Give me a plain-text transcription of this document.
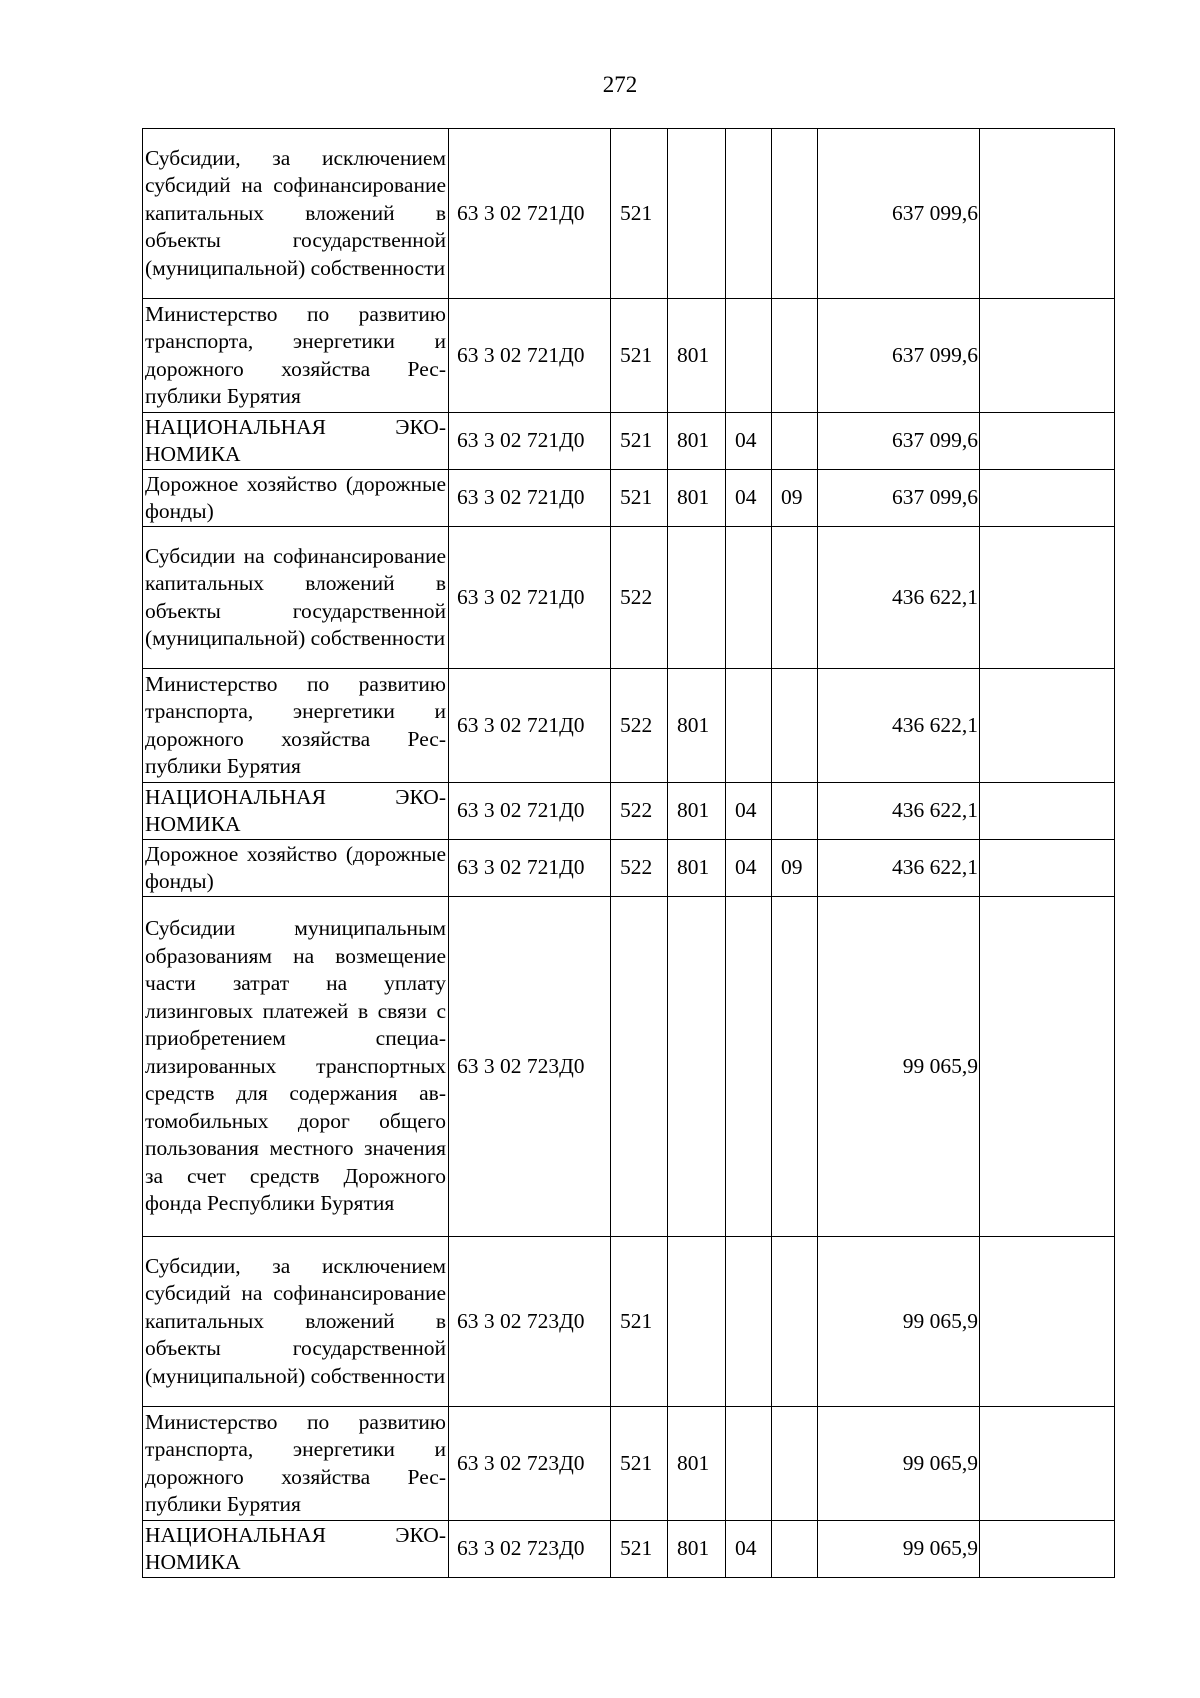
272
Субсидии, за исключением субсидий на софинансирование капитальных вложений в объекты государственной (муниципальной) собственности	63 3 02 721Д0	521				637 099,6	
Министерство по развитию транспорта, энергетики и дорожного хозяйства Республики Бурятия	63 3 02 721Д0	521	801			637 099,6	
НАЦИОНАЛЬНАЯ ЭКОНОМИКА	63 3 02 721Д0	521	801	04		637 099,6	
Дорожное хозяйство (дорожные фонды)	63 3 02 721Д0	521	801	04	09	637 099,6	
Субсидии на софинансирование капитальных вложений в объекты государственной (муниципальной) собственности	63 3 02 721Д0	522				436 622,1	
Министерство по развитию транспорта, энергетики и дорожного хозяйства Республики Бурятия	63 3 02 721Д0	522	801			436 622,1	
НАЦИОНАЛЬНАЯ ЭКОНОМИКА	63 3 02 721Д0	522	801	04		436 622,1	
Дорожное хозяйство (дорожные фонды)	63 3 02 721Д0	522	801	04	09	436 622,1	
Субсидии муниципальным образованиям на возмещение части затрат на уплату лизинговых платежей в связи с приобретением специализированных транспортных средств для содержания автомобильных дорог общего пользования местного значения за счет средств Дорожного фонда Республики Бурятия	63 3 02 723Д0					99 065,9	
Субсидии, за исключением субсидий на софинансирование капитальных вложений в объекты государственной (муниципальной) собственности	63 3 02 723Д0	521				99 065,9	
Министерство по развитию транспорта, энергетики и дорожного хозяйства Республики Бурятия	63 3 02 723Д0	521	801			99 065,9	
НАЦИОНАЛЬНАЯ ЭКОНОМИКА	63 3 02 723Д0	521	801	04		99 065,9	
